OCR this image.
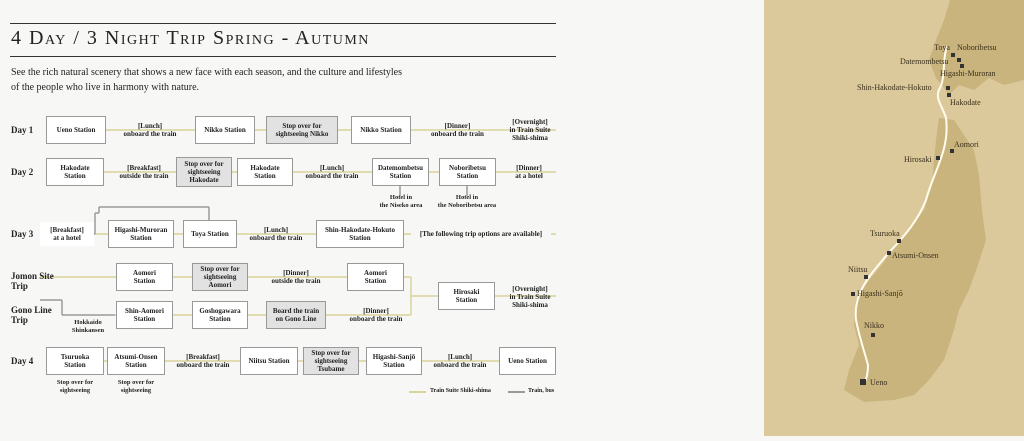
4 Day / 3 Night Trip Spring - Autumn
See the rich natural scenery that shows a new face with each season, and the culture and lifestyles
of the people who live in harmony with nature.
Day 1
Day 2
Day 3
Jomon Site
Trip
Gono Line
Trip
Day 4
Ueno Station	[Lunch]
onboard the train	Nikko Station	Stop over for
sightseeing Nikko	Nikko Station	[Dinner]
onboard the train
[Overnight]
in Train Suite
Shiki-shima
Hakodate
Station
[Breakfast]
outside the train
Stop over for
sightseeing
Hakodate
Hakodate
Station
[Lunch]
onboard the train
Datemombetsu
Station
Noboribetsu
Station
[Dinner]
at a hotel
Hotel in
the Niseko area
Hotel in
the Noboribetsu area
[Breakfast]
at a hotel
Higashi-Muroran
Station	Toya Station	[Lunch]
onboard the train
Shin-Hakodate-Hokuto
Station	[The following trip options are available]
Aomori
Station
Stop over for
sightseeing
Aomori
[Dinner]
outside the train
Aomori
Station
Shin-Aomori
Station
Goshogawara
Station
Board the train
on Gono Line
[Dinner]
onboard the train
Hokkaido
Shinkansen
Hirosaki
Station
[Overnight]
in Train Suite
Shiki-shima
Tsuruoka
Station
Atsumi-Onsen
Station
[Breakfast]
onboard the train	Niitsu Station
Stop over for
sightseeing
Tsubame
Higashi-Sanjō
Station
[Lunch]
onboard the train	Ueno Station
Stop over for
sightseeing
Stop over for
sightseeing	Train Suite Shiki-shima	Train, bus
Toya Noboribetsu
Datemombetsu
Higashi-Muroran
Shin-Hakodate-Hokuto
Hakodate
Aomori
Hirosaki
Tsuruoka
Atsumi-Onsen
Niitsu
Higashi-Sanjō
Nikko
Ueno
